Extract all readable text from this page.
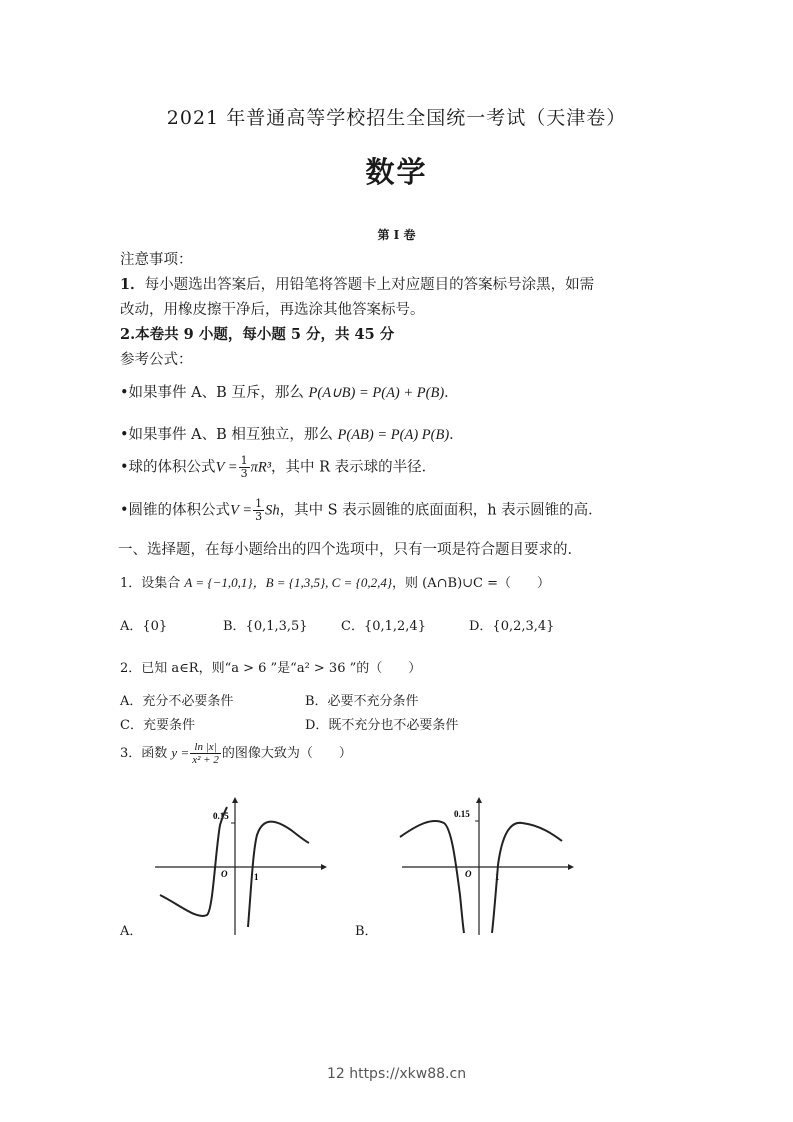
2021 年普通高等学校招生全国统一考试（天津卷）
数学
第 I 卷
注意事项：
1．每小题选出答案后，用铅笔将答题卡上对应题目的答案标号涂黑，如需
改动，用橡皮擦干净后，再选涂其他答案标号。
2.本卷共 9 小题，每小题 5 分，共 45 分
参考公式：
•如果事件 A、B 互斥，那么 P(A∪B) = P(A) + P(B)．
•如果事件 A、B 相互独立，那么 P(AB) = P(A) P(B)．
•球的体积公式$V = \frac{1}{3} \pi R^3$，其中 R 表示球的半径．
•圆锥的体积公式$V = \frac{1}{3}$ Sh，其中 S 表示圆锥的底面面积，h 表示圆锥的高．
一、选择题，在每小题给出的四个选项中，只有一项是符合题目要求的．
1．设集合 A = {−1,0,1}，B = {1,3,5}, C = {0,2,4}，则 (A∩B)∪C =（　　）
A．{0}	B．{0,1,3,5}	C．{0,1,2,4}	D．{0,2,3,4}
2．已知 a∈R，则“a > 6 ”是“a² > 36 ”的（　　）
A．充分不必要条件	B．必要不充分条件
C．充要条件	D．既不充分也不必要条件
3．函数 $y = \frac{\ln |x|}{\text{x² + 2}}$ 的图像大致为（　　）
0.15
O	1
A．
0.15
O	1
B．
12 https://xkw88.cn
